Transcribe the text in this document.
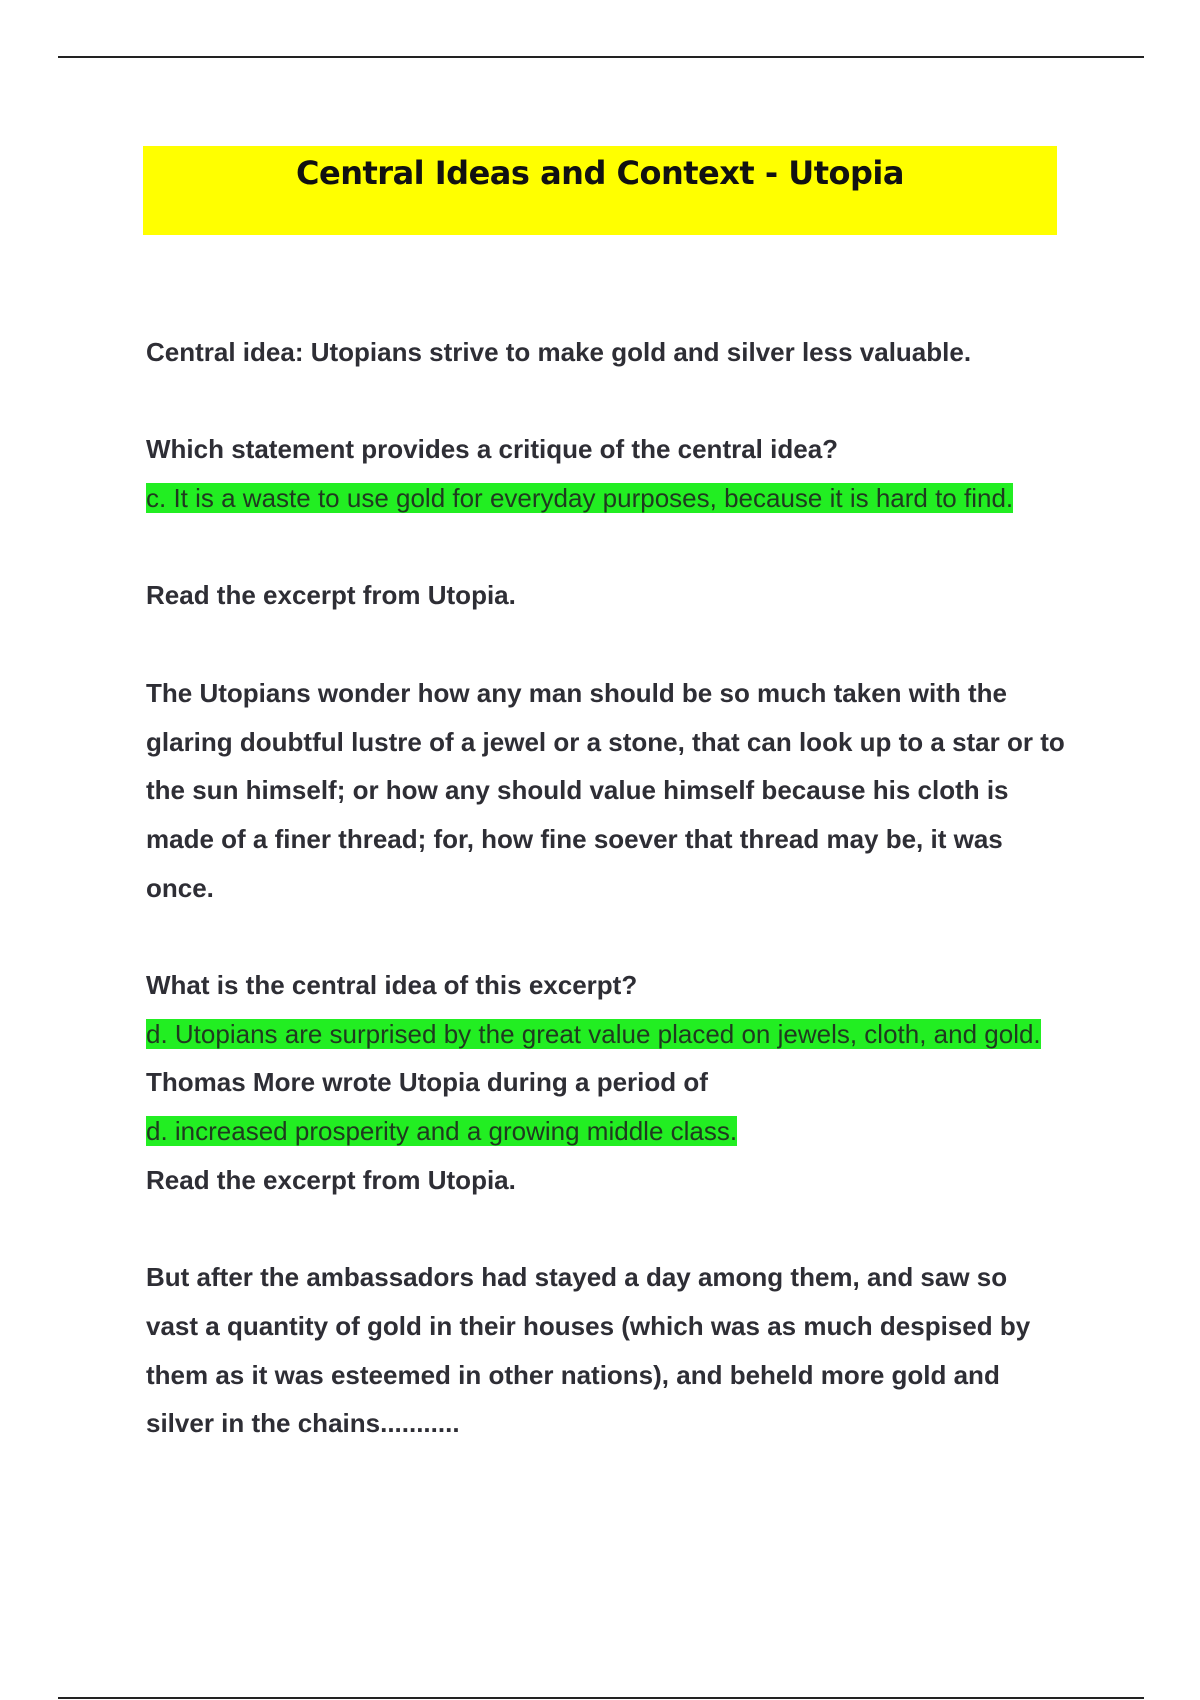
Central Ideas and Context - Utopia

Central idea: Utopians strive to make gold and silver less valuable.

Which statement provides a critique of the central idea?

c. It is a waste to use gold for everyday purposes, because it is hard to find.

Read the excerpt from Utopia.

The Utopians wonder how any man should be so much taken with the glaring doubtful lustre of a jewel or a stone, that can look up to a star or to the sun himself; or how any should value himself because his cloth is made of a finer thread; for, how fine soever that thread may be, it was once.

What is the central idea of this excerpt?

d. Utopians are surprised by the great value placed on jewels, cloth, and gold.

Thomas More wrote Utopia during a period of

d. increased prosperity and a growing middle class.

Read the excerpt from Utopia.

But after the ambassadors had stayed a day among them, and saw so vast a quantity of gold in their houses (which was as much despised by them as it was esteemed in other nations), and beheld more gold and silver in the chains...........
